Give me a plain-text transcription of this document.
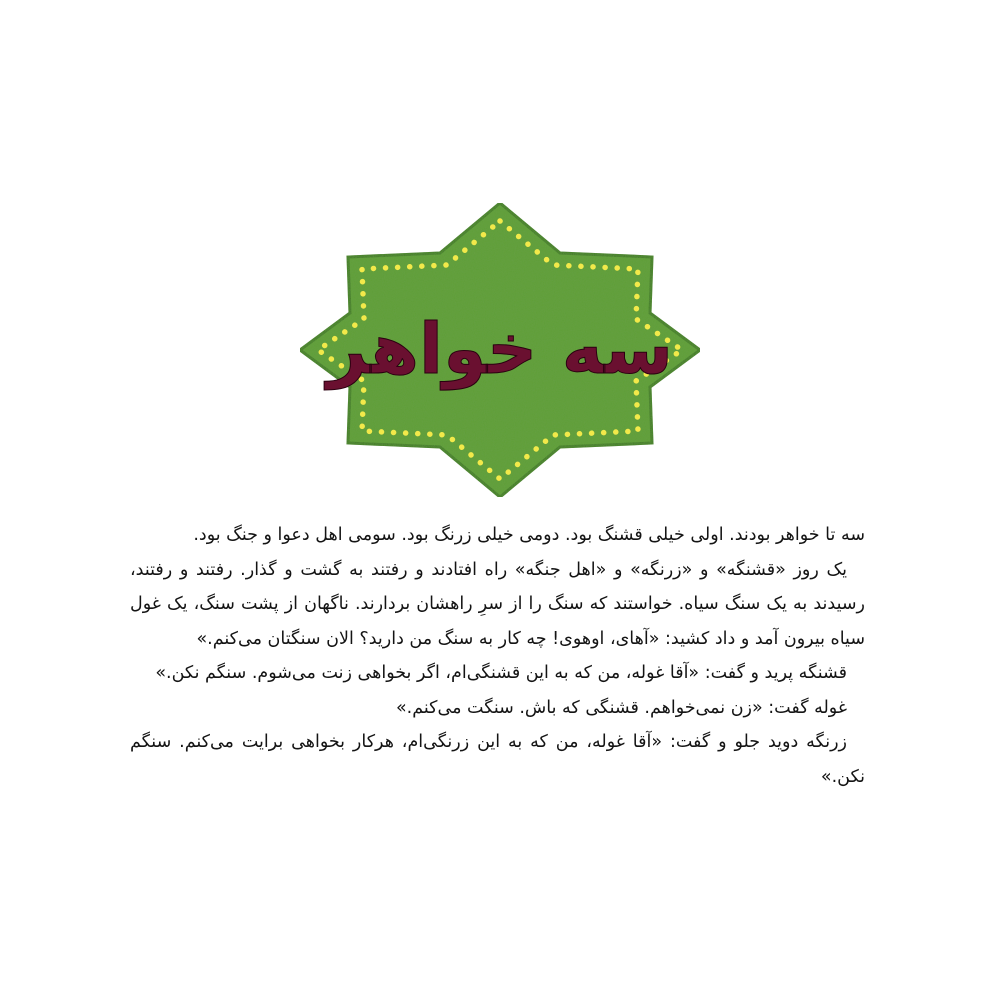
سه خواهر

سه تا خواهر بودند. اولی خیلی قشنگ بود. دومی خیلی زرنگ بود. سومی اهل دعوا و جنگ بود.

یک روز «قشنگه» و «زرنگه» و «اهل جنگه» راه افتادند و رفتند به گشت و گذار. رفتند و رفتند، رسیدند به یک سنگ سیاه. خواستند که سنگ را از سرِ راهشان بردارند. ناگهان از پشت سنگ، یک غول سیاه بیرون آمد و داد کشید: «آهای، اوهوی! چه کار به سنگ من دارید؟ الان سنگتان می‌کنم.»

قشنگه پرید و گفت: «آقا غوله، من که به این قشنگی‌ام، اگر بخواهی زنت می‌شوم. سنگم نکن.»

غوله گفت: «زن نمی‌خواهم. قشنگی که باش. سنگت می‌کنم.»

زرنگه دوید جلو و گفت: «آقا غوله، من که به این زرنگی‌ام، هرکار بخواهی برایت می‌کنم. سنگم نکن.»
